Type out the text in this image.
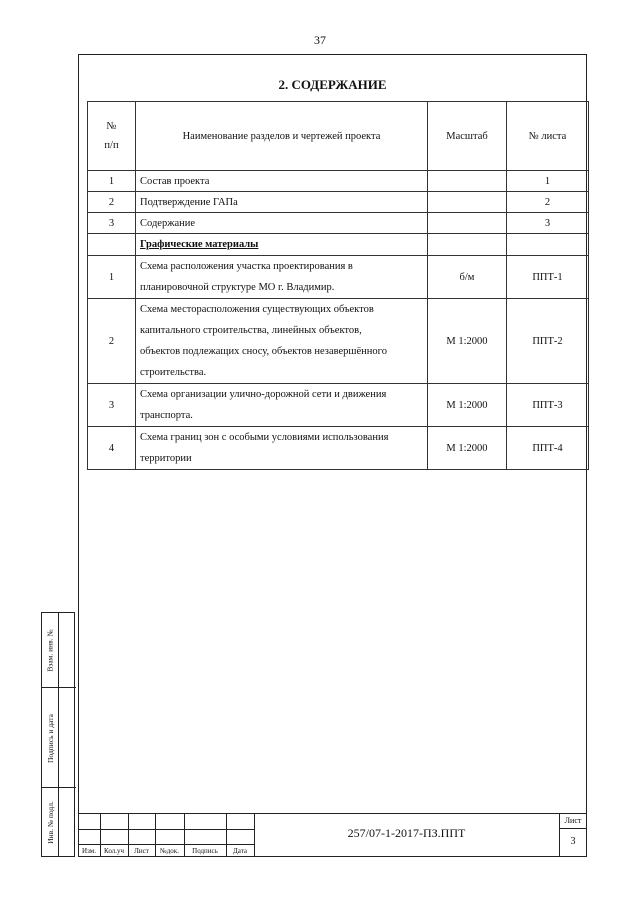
37
2. СОДЕРЖАНИЕ
№
п/п	Наименование разделов и чертежей проекта	Масштаб	№ листа
1	Состав проекта		1
2	Подтверждение ГАПа		2
3	Содержание		3
	Графические материалы		
1	Схема расположения участка проектирования в
планировочной структуре МО г. Владимир.	б/м	ППТ-1
2	Схема месторасположения существующих объектов
капитального строительства, линейных объектов,
объектов подлежащих сносу, объектов незавершённого
строительства.	М 1:2000	ППТ-2
3	Схема организации улично-дорожной сети и движения
транспорта.	М 1:2000	ППТ-3
4	Схема границ зон с особыми условиями использования
территории	М 1:2000	ППТ-4
Взам. инв. №
Подпись и дата
Инв. № подл.
Изм.	Кол.уч	Лист	№док.	Подпись	Дата
257/07-1-2017-ПЗ.ППТ
Лист
3
